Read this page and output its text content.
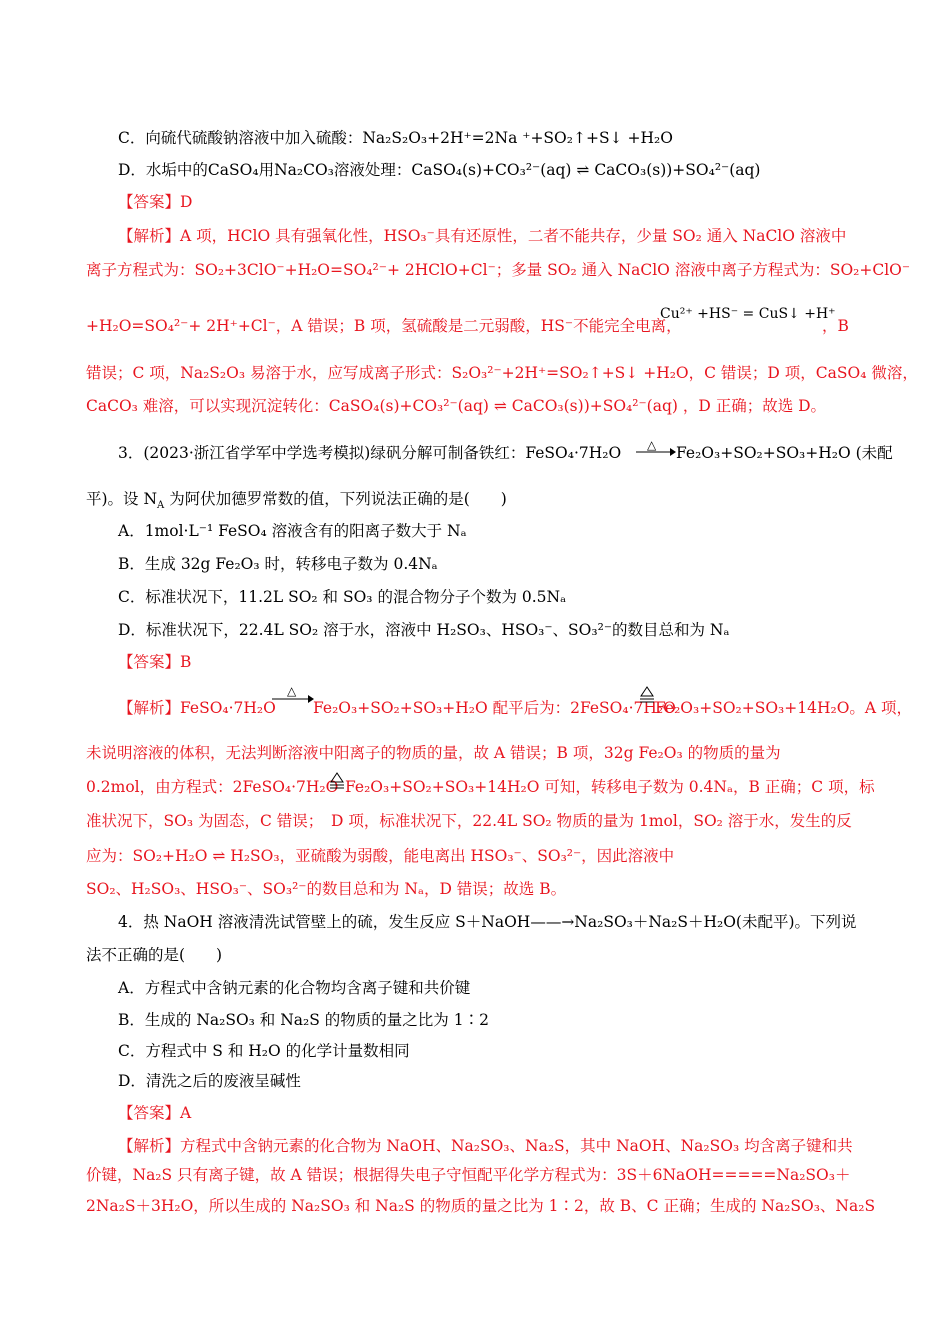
C．向硫代硫酸钠溶液中加入硫酸：Na₂S₂O₃+2H⁺=2Na ⁺+SO₂↑+S↓ +H₂O
D．水垢中的CaSO₄用Na₂CO₃溶液处理：CaSO₄(s)+CO₃²⁻(aq) ⇌ CaCO₃(s))+SO₄²⁻(aq)
【答案】D
【解析】A 项，HClO 具有强氧化性，HSO₃⁻具有还原性，二者不能共存，少量 SO₂ 通入 NaClO 溶液中
离子方程式为：SO₂+3ClO⁻+H₂O=SO₄²⁻+ 2HClO+Cl⁻；多量 SO₂ 通入 NaClO 溶液中离子方程式为：SO₂+ClO⁻
+H₂O=SO₄²⁻+ 2H⁺+Cl⁻，A 错误；B 项，氢硫酸是二元弱酸，HS⁻不能完全电离，
Cu²⁺ +HS⁻ = CuS↓ +H⁺
，B
错误；C 项，Na₂S₂O₃ 易溶于水，应写成离子形式：S₂O₃²⁻+2H⁺=SO₂↑+S↓ +H₂O，C 错误；D 项，CaSO₄ 微溶，
CaCO₃ 难溶，可以实现沉淀转化：CaSO₄(s)+CO₃²⁻(aq) ⇌ CaCO₃(s))+SO₄²⁻(aq) ，D 正确；故选 D。
3．(2023·浙江省学军中学选考模拟)绿矾分解可制备铁红：FeSO₄·7H₂O △ Fe₂O₃+SO₂+SO₃+H₂O (未配
平)。设 $N_A$ 为阿伏加德罗常数的值，下列说法正确的是(　　)
A．1mol·L⁻¹ FeSO₄ 溶液含有的阳离子数大于 Nₐ
B．生成 32g Fe₂O₃ 时，转移电子数为 0.4Nₐ
C．标准状况下，11.2L SO₂ 和 SO₃ 的混合物分子个数为 0.5Nₐ
D．标准状况下，22.4L SO₂ 溶于水，溶液中 H₂SO₃、HSO₃⁻、SO₃²⁻的数目总和为 Nₐ
【答案】B
【解析】FeSO₄·7H₂O
△
Fe₂O₃+SO₂+SO₃+H₂O 配平后为：2FeSO₄·7H₂O
Fe₂O₃+SO₂+SO₃+14H₂O。A 项，
未说明溶液的体积，无法判断溶液中阳离子的物质的量，故 A 错误；B 项，32g Fe₂O₃ 的物质的量为
0.2mol，由方程式：2FeSO₄·7H₂O Fe₂O₃+SO₂+SO₃+14H₂O 可知，转移电子数为 0.4Nₐ，B 正确；C 项，标
准状况下，SO₃ 为固态，C 错误；　D 项，标准状况下，22.4L SO₂ 物质的量为 1mol，SO₂ 溶于水，发生的反
应为：SO₂+H₂O ⇌ H₂SO₃，亚硫酸为弱酸，能电离出 HSO₃⁻、SO₃²⁻，因此溶液中
SO₂、H₂SO₃、HSO₃⁻、SO₃²⁻的数目总和为 Nₐ，D 错误；故选 B。
4．热 NaOH 溶液清洗试管壁上的硫，发生反应 S＋NaOH——→Na₂SO₃＋Na₂S＋H₂O(未配平)。下列说
法不正确的是(　　)
A．方程式中含钠元素的化合物均含离子键和共价键
B．生成的 Na₂SO₃ 和 Na₂S 的物质的量之比为 1∶2
C．方程式中 S 和 H₂O 的化学计量数相同
D．清洗之后的废液呈碱性
【答案】A
【解析】方程式中含钠元素的化合物为 NaOH、Na₂SO₃、Na₂S，其中 NaOH、Na₂SO₃ 均含离子键和共
价键，Na₂S 只有离子键，故 A 错误；根据得失电子守恒配平化学方程式为：3S＋6NaOH=====Na₂SO₃＋
2Na₂S＋3H₂O，所以生成的 Na₂SO₃ 和 Na₂S 的物质的量之比为 1∶2，故 B、C 正确；生成的 Na₂SO₃、Na₂S
